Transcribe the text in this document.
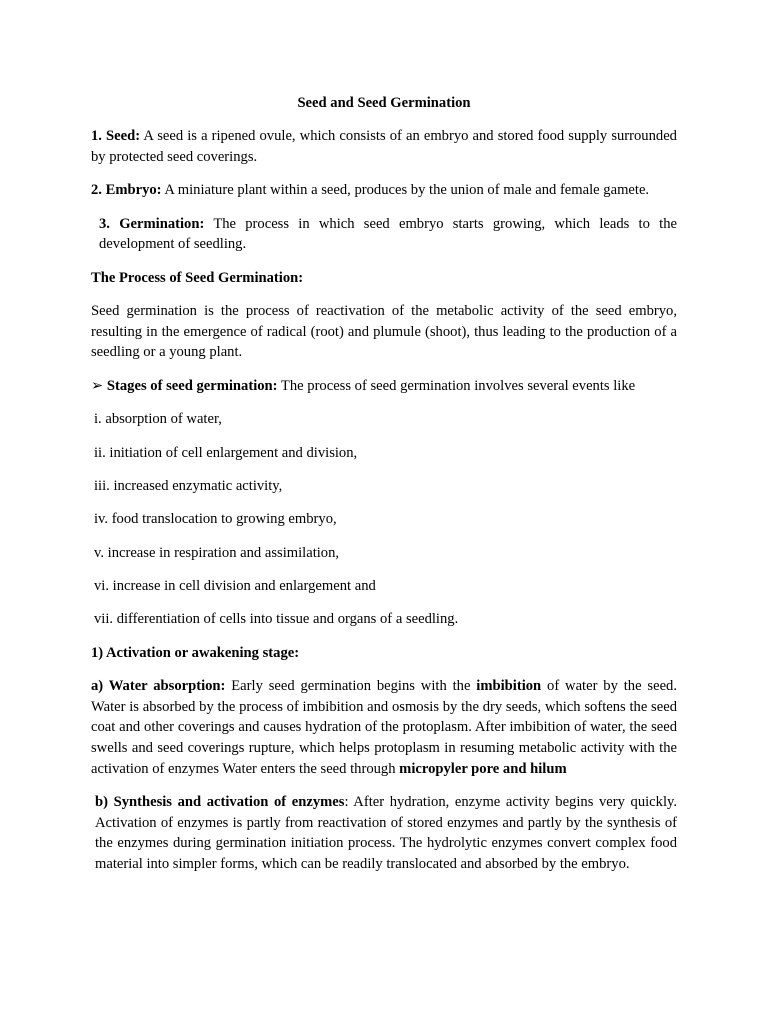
Seed and Seed Germination

1. Seed: A seed is a ripened ovule, which consists of an embryo and stored food supply surrounded by protected seed coverings.

2. Embryo: A miniature plant within a seed, produces by the union of male and female gamete.

3. Germination: The process in which seed embryo starts growing, which leads to the development of seedling.

The Process of Seed Germination:

Seed germination is the process of reactivation of the metabolic activity of the seed embryo, resulting in the emergence of radical (root) and plumule (shoot), thus leading to the production of a seedling or a young plant.

➢ Stages of seed germination: The process of seed germination involves several events like

i. absorption of water,

ii. initiation of cell enlargement and division,

iii. increased enzymatic activity,

iv. food translocation to growing embryo,

v. increase in respiration and assimilation,

vi. increase in cell division and enlargement and

vii. differentiation of cells into tissue and organs of a seedling.

1) Activation or awakening stage:

a) Water absorption: Early seed germination begins with the imbibition of water by the seed. Water is absorbed by the process of imbibition and osmosis by the dry seeds, which softens the seed coat and other coverings and causes hydration of the protoplasm. After imbibition of water, the seed swells and seed coverings rupture, which helps protoplasm in resuming metabolic activity with the activation of enzymes Water enters the seed through micropyler pore and hilum

b) Synthesis and activation of enzymes: After hydration, enzyme activity begins very quickly. Activation of enzymes is partly from reactivation of stored enzymes and partly by the synthesis of the enzymes during germination initiation process. The hydrolytic enzymes convert complex food material into simpler forms, which can be readily translocated and absorbed by the embryo.
